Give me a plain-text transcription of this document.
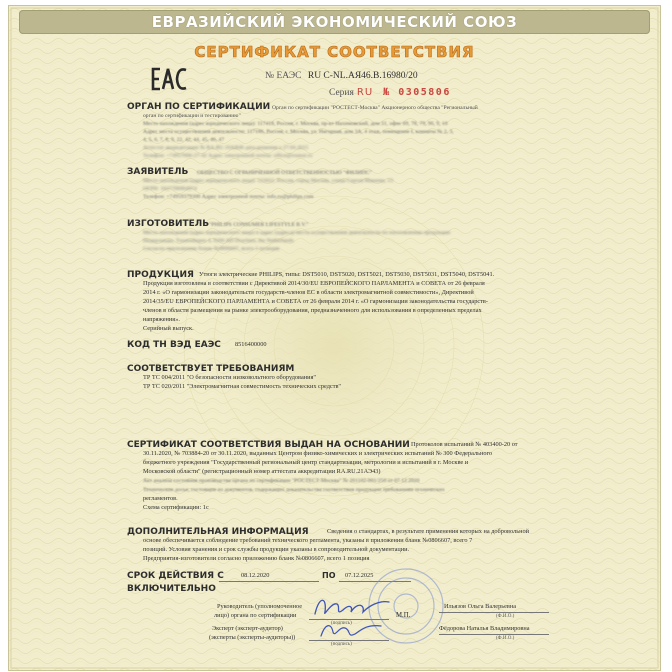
ЕВРАЗИЙСКИЙ ЭКОНОМИЧЕСКИЙ СОЮЗ
СЕРТИФИКАТ СООТВЕТСТВИЯ
№ ЕАЭС RU C-NL.АЯ46.В.16980/20
Серия RU № 0305806
ОРГАН ПО СЕРТИФИКАЦИИ Орган по сертификации "РОСТЕСТ-Москва" Акционерного общества "Региональный
орган по сертификации и тестированию"
Место нахождения (адрес юридического лица): 117418, Россия, г. Москва, пр-кт Нахимовский, дом 31, офис 69, 78, 79, 96, 9, 10
Адрес места осуществления деятельности: 117186, Россия, г. Москва, ул. Нагорная, дом 3А, 4 этаж, помещение I, комнаты № 2, 3,
4, 5, 6, 7, 8, 9, 22, 42, 44, 45, 46, 47
Аттестат аккредитации № RA.RU.10АЯ46 дата решения о 27.04.2015
Телефон: +74957000-27-42 Адрес электронной почты: office@rostest.ru
ЗАЯВИТЕЛЬ ОБЩЕСТВО С ОГРАНИЧЕННОЙ ОТВЕТСТВЕННОСТЬЮ "ФИЛИПС"
Место нахождения (адрес юридического лица): 123022, Россия, город Москва, улица Сергея Макеева, 13
ОГРН: 1027700064974
Телефон: +74959379300 Адрес электронной почты: info.ru@philips.com
ИЗГОТОВИТЕЛЬ "PHILIPS CONSUMER LIFESTYLE B.V."
Место нахождения (адрес юридического лица) и адрес (адреса) места осуществления деятельности по изготовлению продукции:
Нидерланды, Tussendiepen 4, 9206 AD Drachten, the Netherlands
Согласно приложению бланк №0806607, всего 1 позиция
ПРОДУКЦИЯ Утюги электрические PHILIPS, типы: DST5010, DST5020, DST5021, DST5030, DST5031, DST5040, DST5041.
Продукция изготовлена в соответствии с Директивой 2014/30/EU ЕВРОПЕЙСКОГО ПАРЛАМЕНТА и СОВЕТА от 26 февраля
2014 г. «О гармонизации законодательств государств-членов ЕС в области электромагнитной совместимости», Директивой
2014/35/ЕU ЕВРОПЕЙСКОГО ПАРЛАМЕНТА и СОВЕТА от 26 февраля 2014 г. «О гармонизации законодательства государств-
членов в области размещения на рынке электрооборудования, предназначенного для использования в определенных пределах
напряжения».
Серийный выпуск.
КОД ТН ВЭД ЕАЭС 8516400000
СООТВЕТСТВУЕТ ТРЕБОВАНИЯМ
ТР ТС 004/2011 "О безопасности низковольтного оборудования"
ТР ТС 020/2011 "Электромагнитная совместимость технических средств"
СЕРТИФИКАТ СООТВЕТСТВИЯ ВЫДАН НА ОСНОВАНИИ Протоколов испытаний № 403400-20 от
30.11.2020, № 703884-20 от 30.11.2020, выданных Центром физико-химических и электрических испытаний № 300 Федерального
бюджетного учреждения "Государственный региональный центр стандартизации, метрологии и испытаний в г. Москве и
Московской области" (регистрационный номер аттестата аккредитации RA.RU.21АЭ43)
Акт анализа состояния производства органа по сертификации "РОСТЕСТ-Москва" № 201102-001/250 от 07.12.2020
Технические досье, состоящие из документов, содержащих доказательства соответствия продукции требованиям технических
регламентов.
Схема сертификации: 1с
ДОПОЛНИТЕЛЬНАЯ ИНФОРМАЦИЯ	Сведения о стандартах, в результате применения которых на добровольной
основе обеспечивается соблюдение требований технического регламента, указаны в приложении бланк №0806607, всего 7
позиций. Условия хранения и срок службы продукции указаны в сопроводительной документации.
Предприятия-изготовители согласно приложению бланк №0806607, всего 1 позиция
СРОК ДЕЙСТВИЯ С	08.12.2020	ПО 07.12.2025
ВКЛЮЧИТЕЛЬНО
Руководитель (уполномоченное
лицо) органа по сертификации
(подпись)
М.П.
Ильязов Ольга Валерьевна
(Ф.И.О.)
Эксперт (эксперт-аудитор)
(эксперты (эксперты-аудиторы))
(подпись)
Фёдорова Наталья Владимировна
(Ф.И.О.)
